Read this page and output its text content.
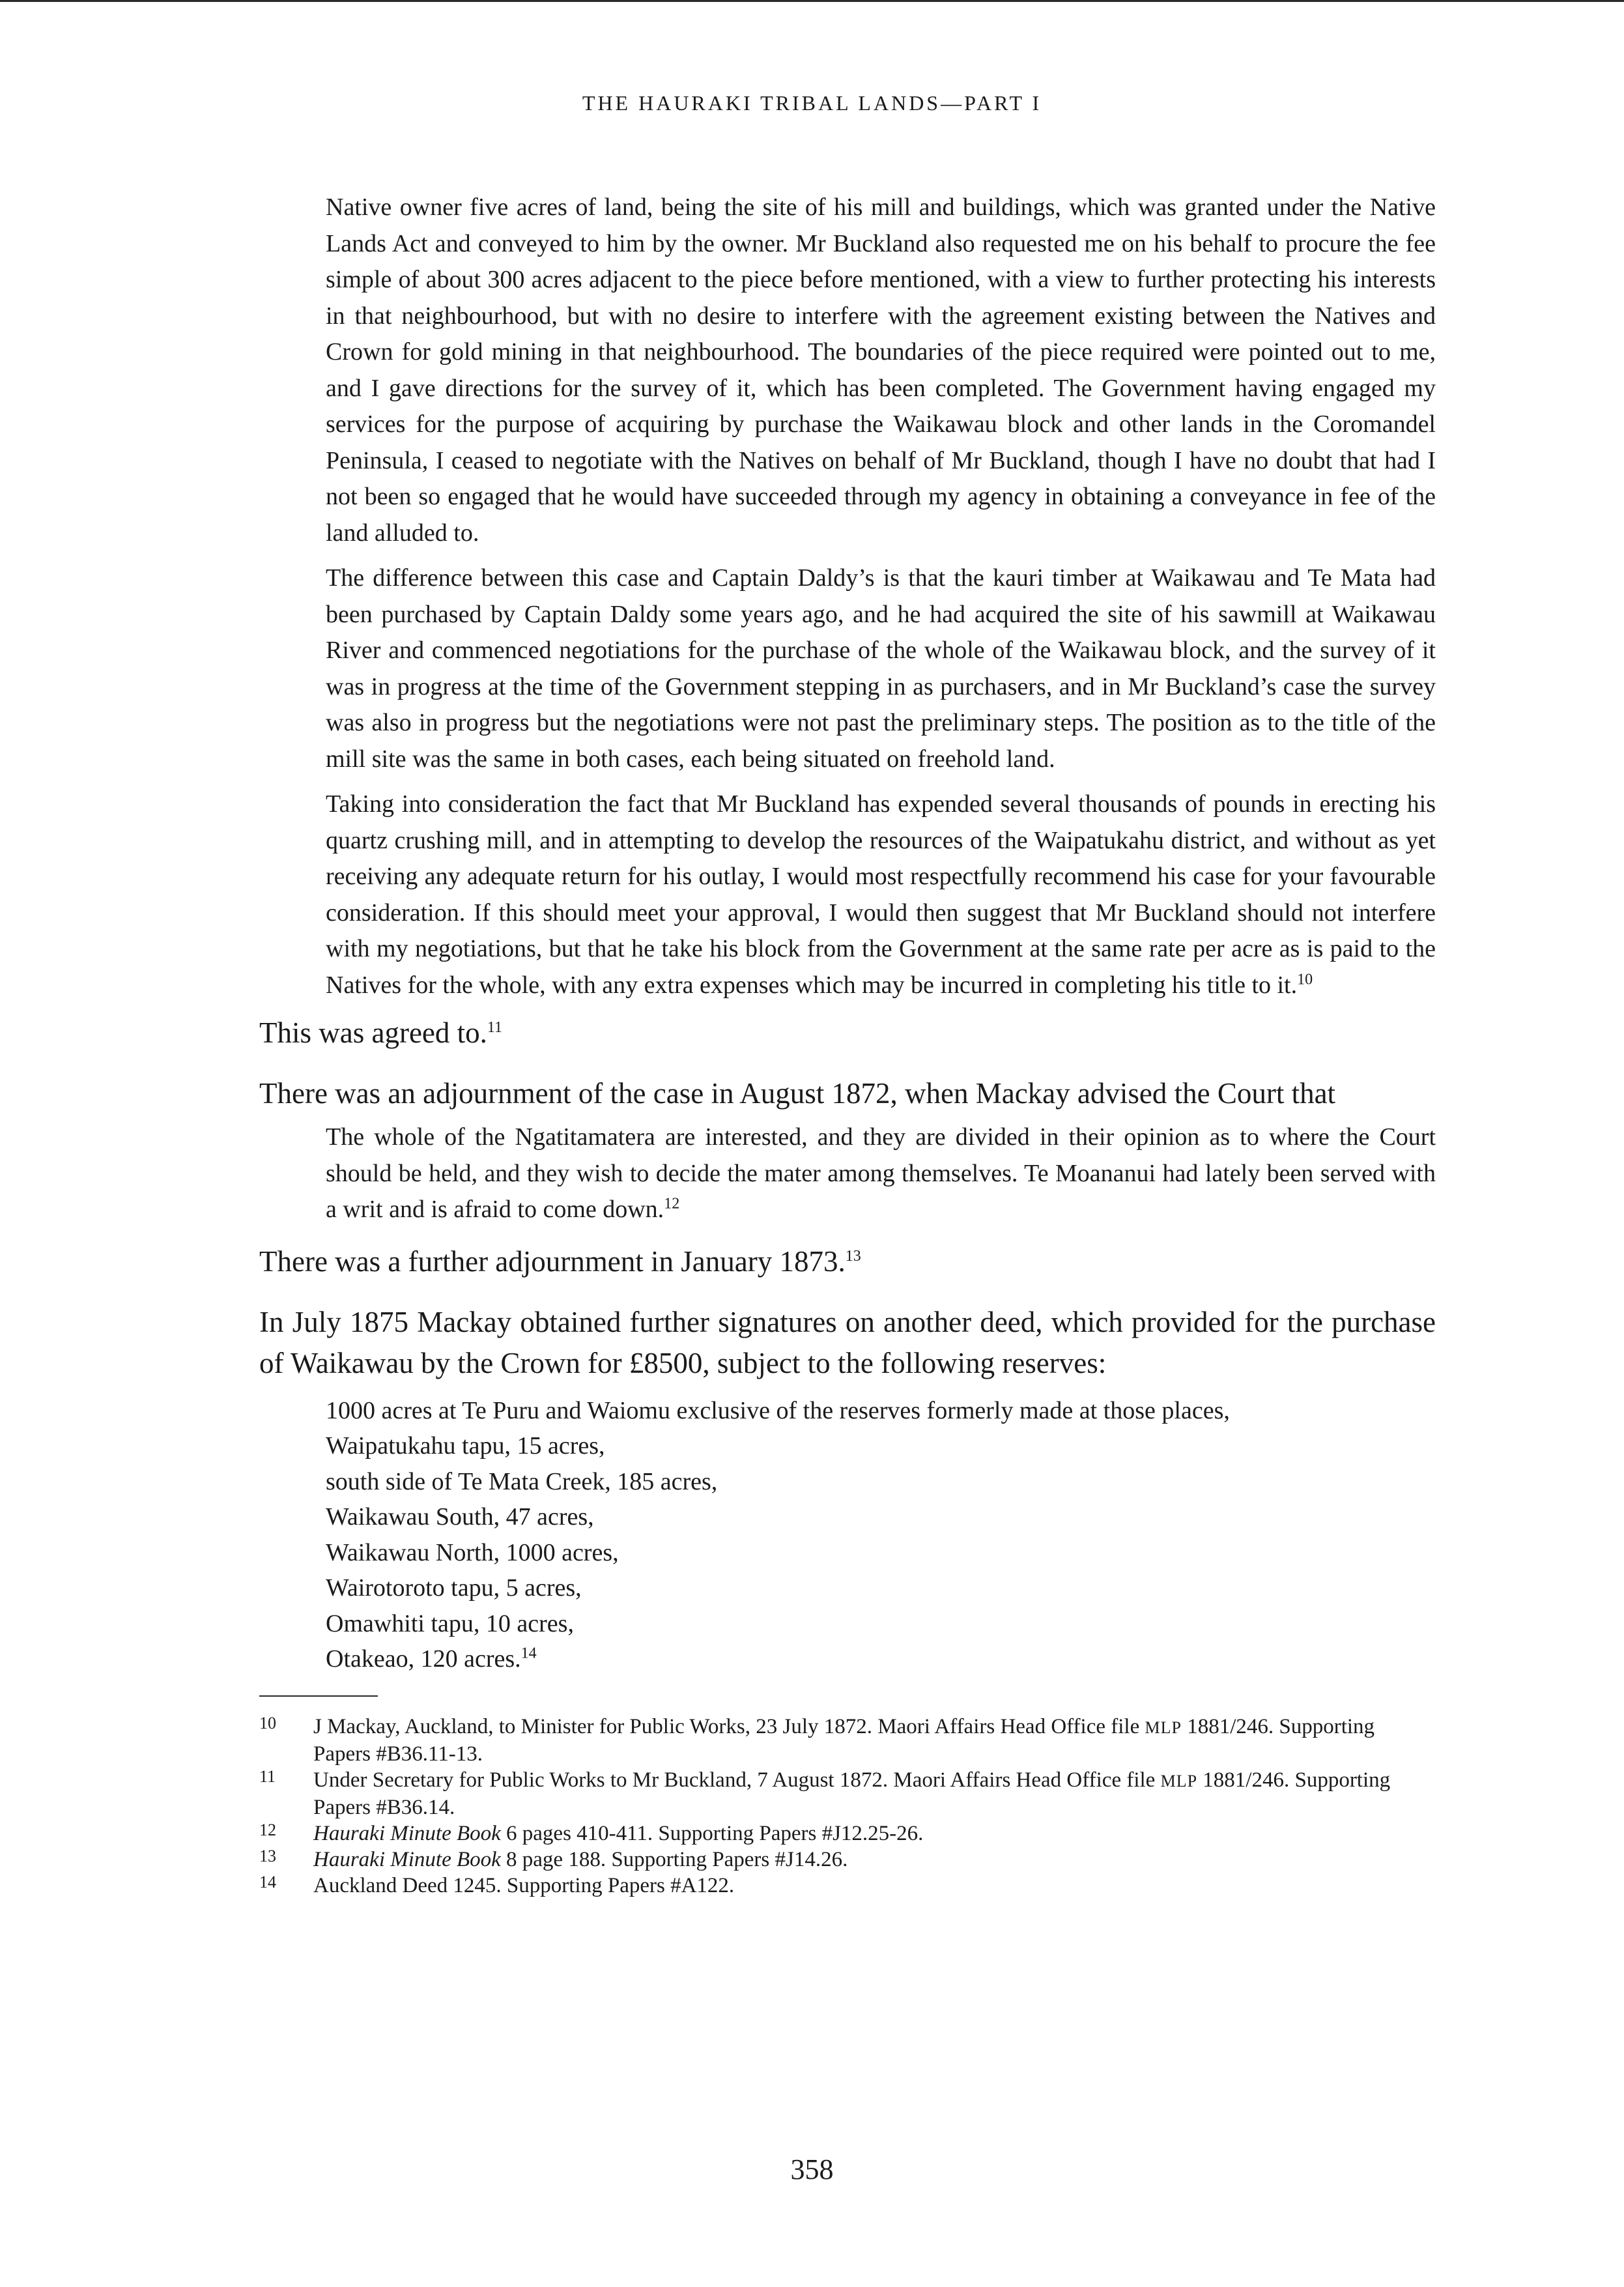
THE HAURAKI TRIBAL LANDS—PART I

Native owner five acres of land, being the site of his mill and buildings, which was granted under the Native Lands Act and conveyed to him by the owner. Mr Buckland also requested me on his behalf to procure the fee simple of about 300 acres adjacent to the piece before mentioned, with a view to further protecting his interests in that neighbourhood, but with no desire to interfere with the agreement existing between the Natives and Crown for gold mining in that neighbourhood. The boundaries of the piece required were pointed out to me, and I gave directions for the survey of it, which has been completed. The Government having engaged my services for the purpose of acquiring by purchase the Waikawau block and other lands in the Coromandel Peninsula, I ceased to negotiate with the Natives on behalf of Mr Buckland, though I have no doubt that had I not been so engaged that he would have succeeded through my agency in obtaining a conveyance in fee of the land alluded to.

The difference between this case and Captain Daldy’s is that the kauri timber at Waikawau and Te Mata had been purchased by Captain Daldy some years ago, and he had acquired the site of his sawmill at Waikawau River and commenced negotiations for the purchase of the whole of the Waikawau block, and the survey of it was in progress at the time of the Government stepping in as purchasers, and in Mr Buckland’s case the survey was also in progress but the negotiations were not past the preliminary steps. The position as to the title of the mill site was the same in both cases, each being situated on freehold land.

Taking into consideration the fact that Mr Buckland has expended several thousands of pounds in erecting his quartz crushing mill, and in attempting to develop the resources of the Waipatukahu district, and without as yet receiving any adequate return for his outlay, I would most respectfully recommend his case for your favourable consideration. If this should meet your approval, I would then suggest that Mr Buckland should not interfere with my negotiations, but that he take his block from the Government at the same rate per acre as is paid to the Natives for the whole, with any extra expenses which may be incurred in completing his title to it.$^{10}$

This was agreed to.$^{11}$

There was an adjournment of the case in August 1872, when Mackay advised the Court that

The whole of the Ngatitamatera are interested, and they are divided in their opinion as to where the Court should be held, and they wish to decide the mater among themselves. Te Moananui had lately been served with a writ and is afraid to come down.$^{12}$

There was a further adjournment in January 1873.13

In July 1875 Mackay obtained further signatures on another deed, which provided for the purchase of Waikawau by the Crown for £8500, subject to the following reserves:

1000 acres at Te Puru and Waiomu exclusive of the reserves formerly made at those places,
Waipatukahu tapu, 15 acres,
south side of Te Mata Creek, 185 acres,
Waikawau South, 47 acres,
Waikawau North, 1000 acres,
Wairotoroto tapu, 5 acres,
Omawhiti tapu, 10 acres,
Otakeao, 120 acres.$^{14}$
10	J Mackay, Auckland, to Minister for Public Works, 23 July 1872. Maori Affairs Head Office file MLP 1881/246. Supporting Papers #B36.11-13.
11	Under Secretary for Public Works to Mr Buckland, 7 August 1872. Maori Affairs Head Office file MLP 1881/246. Supporting Papers #B36.14.
12	Hauraki Minute Book 6 pages 410-411. Supporting Papers #J12.25-26.
13	Hauraki Minute Book 8 page 188. Supporting Papers #J14.26.
14	Auckland Deed 1245. Supporting Papers #A122.
358
